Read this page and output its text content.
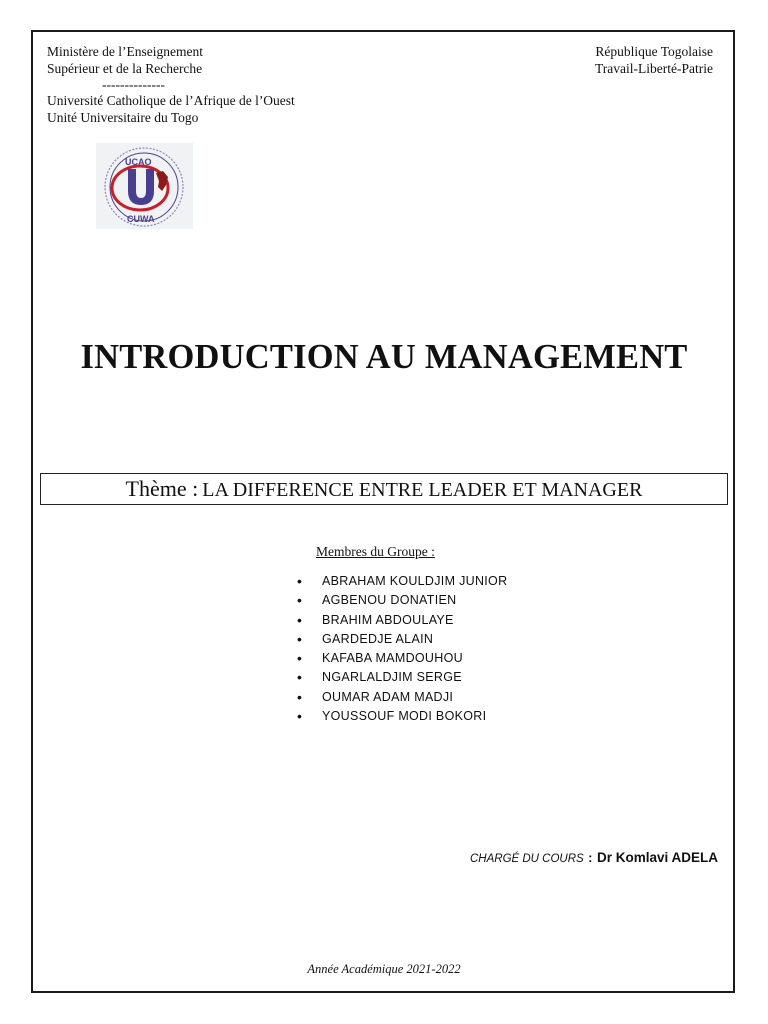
Ministère de l’Enseignement
Supérieur et de la Recherche
--------------
Université Catholique de l’Afrique de l’Ouest
Unité Universitaire du Togo
République Togolaise
Travail-Liberté-Patrie
UCAO
CUWA
INTRODUCTION AU MANAGEMENT
Thème : LA DIFFERENCE ENTRE LEADER ET MANAGER
Membres du Groupe :
• ABRAHAM KOULDJIM JUNIOR
• AGBENOU DONATIEN
• BRAHIM ABDOULAYE
• GARDEDJE ALAIN
• KAFABA MAMDOUHOU
• NGARLALDJIM SERGE
• OUMAR ADAM MADJI
• YOUSSOUF MODI BOKORI
CHARGÉ DU COURS : Dr Komlavi ADELA
Année Académique 2021-2022
